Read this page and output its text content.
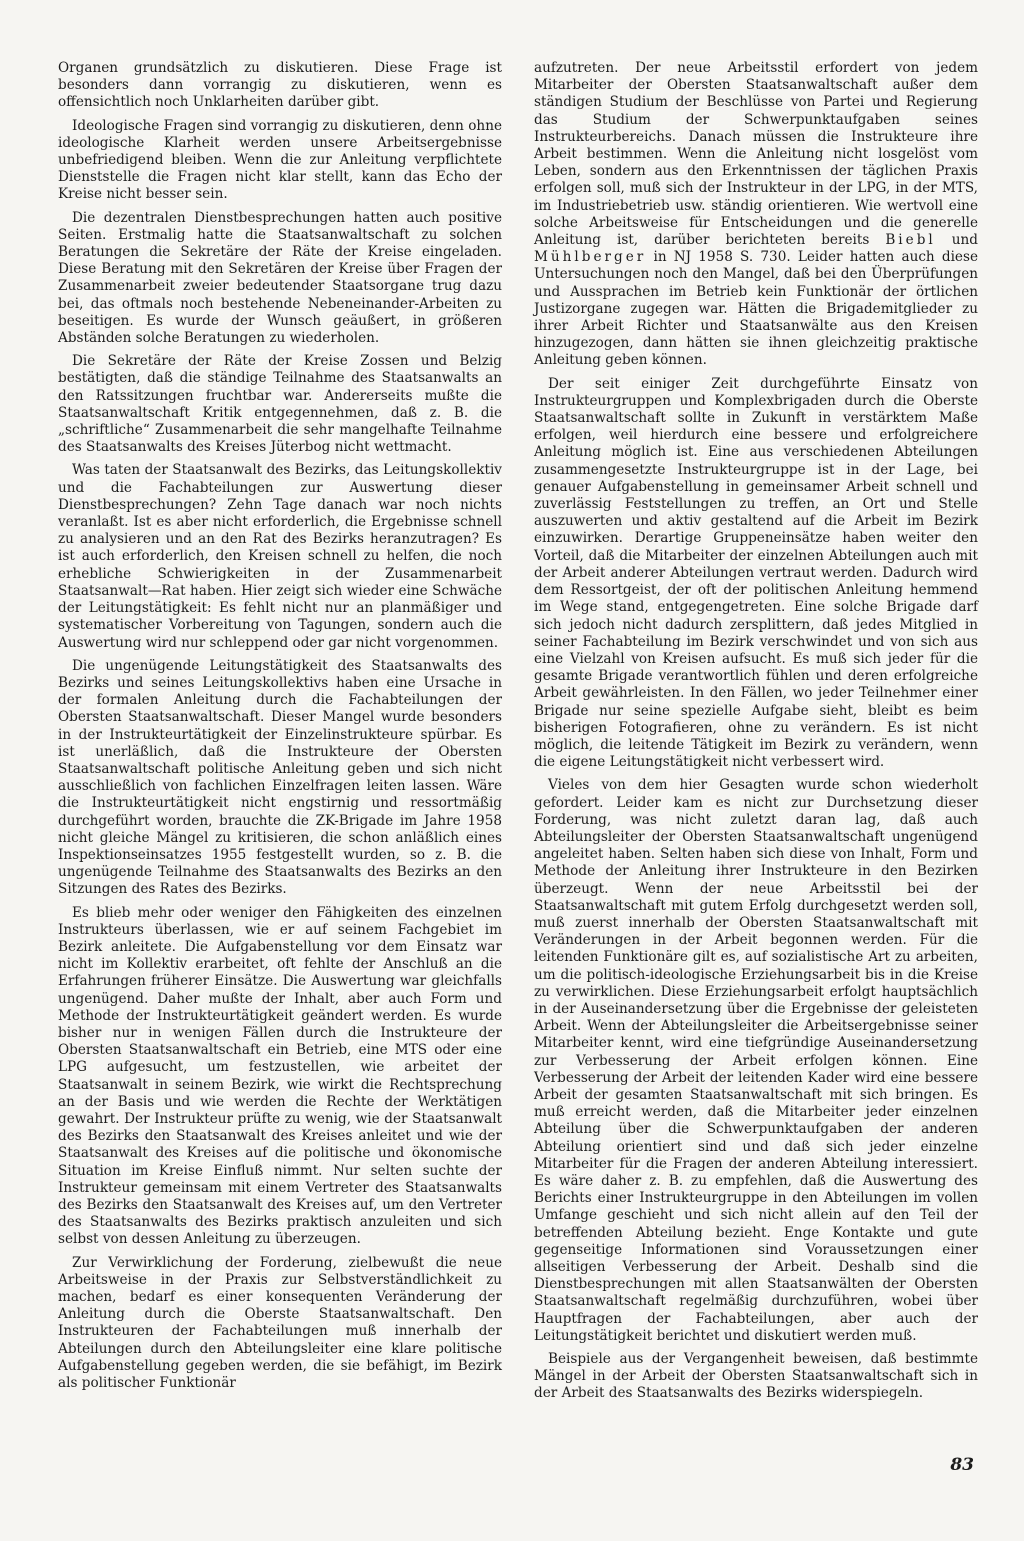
Organen grundsätzlich zu diskutieren. Diese Frage ist besonders dann vorrangig zu diskutieren, wenn es offensichtlich noch Unklarheiten darüber gibt.

Ideologische Fragen sind vorrangig zu diskutieren, denn ohne ideologische Klarheit werden unsere Arbeitsergebnisse unbefriedigend bleiben. Wenn die zur Anleitung verpflichtete Dienststelle die Fragen nicht klar stellt, kann das Echo der Kreise nicht besser sein.

Die dezentralen Dienstbesprechungen hatten auch positive Seiten. Erstmalig hatte die Staatsanwaltschaft zu solchen Beratungen die Sekretäre der Räte der Kreise eingeladen. Diese Beratung mit den Sekretären der Kreise über Fragen der Zusammenarbeit zweier bedeutender Staatsorgane trug dazu bei, das oftmals noch bestehende Nebeneinander-Arbeiten zu beseitigen. Es wurde der Wunsch geäußert, in größeren Abständen solche Beratungen zu wiederholen.

Die Sekretäre der Räte der Kreise Zossen und Belzig bestätigten, daß die ständige Teilnahme des Staatsanwalts an den Ratssitzungen fruchtbar war. Andererseits mußte die Staatsanwaltschaft Kritik entgegennehmen, daß z. B. die „schriftliche“ Zusammenarbeit die sehr mangelhafte Teilnahme des Staatsanwalts des Kreises Jüterbog nicht wettmacht.

Was taten der Staatsanwalt des Bezirks, das Leitungskollektiv und die Fachabteilungen zur Auswertung dieser Dienstbesprechungen? Zehn Tage danach war noch nichts veranlaßt. Ist es aber nicht erforderlich, die Ergebnisse schnell zu analysieren und an den Rat des Bezirks heranzutragen? Es ist auch erforderlich, den Kreisen schnell zu helfen, die noch erhebliche Schwierigkeiten in der Zusammenarbeit Staatsanwalt—Rat haben. Hier zeigt sich wieder eine Schwäche der Leitungstätigkeit: Es fehlt nicht nur an planmäßiger und systematischer Vorbereitung von Tagungen, sondern auch die Auswertung wird nur schleppend oder gar nicht vorgenommen.

Die ungenügende Leitungstätigkeit des Staatsanwalts des Bezirks und seines Leitungskollektivs haben eine Ursache in der formalen Anleitung durch die Fachabteilungen der Obersten Staatsanwaltschaft. Dieser Mangel wurde besonders in der Instrukteurtätigkeit der Einzelinstrukteure spürbar. Es ist unerläßlich, daß die Instrukteure der Obersten Staatsanwaltschaft politische Anleitung geben und sich nicht ausschließlich von fachlichen Einzelfragen leiten lassen. Wäre die Instrukteurtätigkeit nicht engstirnig und ressortmäßig durchgeführt worden, brauchte die ZK-Brigade im Jahre 1958 nicht gleiche Mängel zu kritisieren, die schon anläßlich eines Inspektionseinsatzes 1955 festgestellt wurden, so z. B. die ungenügende Teilnahme des Staatsanwalts des Bezirks an den Sitzungen des Rates des Bezirks.

Es blieb mehr oder weniger den Fähigkeiten des einzelnen Instrukteurs überlassen, wie er auf seinem Fachgebiet im Bezirk anleitete. Die Aufgabenstellung vor dem Einsatz war nicht im Kollektiv erarbeitet, oft fehlte der Anschluß an die Erfahrungen früherer Einsätze. Die Auswertung war gleichfalls ungenügend. Daher mußte der Inhalt, aber auch Form und Methode der Instrukteurtätigkeit geändert werden. Es wurde bisher nur in wenigen Fällen durch die Instrukteure der Obersten Staatsanwaltschaft ein Betrieb, eine MTS oder eine LPG aufgesucht, um festzustellen, wie arbeitet der Staatsanwalt in seinem Bezirk, wie wirkt die Rechtsprechung an der Basis und wie werden die Rechte der Werktätigen gewahrt. Der Instrukteur prüfte zu wenig, wie der Staatsanwalt des Bezirks den Staatsanwalt des Kreises anleitet und wie der Staatsanwalt des Kreises auf die politische und ökonomische Situation im Kreise Einfluß nimmt. Nur selten suchte der Instrukteur gemeinsam mit einem Vertreter des Staatsanwalts des Bezirks den Staatsanwalt des Kreises auf, um den Vertreter des Staatsanwalts des Bezirks praktisch anzuleiten und sich selbst von dessen Anleitung zu überzeugen.

Zur Verwirklichung der Forderung, zielbewußt die neue Arbeitsweise in der Praxis zur Selbstverständlichkeit zu machen, bedarf es einer konsequenten Veränderung der Anleitung durch die Oberste Staatsanwaltschaft. Den Instrukteuren der Fachabteilungen muß innerhalb der Abteilungen durch den Abteilungsleiter eine klare politische Aufgabenstellung gegeben werden, die sie befähigt, im Bezirk als politischer Funktionär

aufzutreten. Der neue Arbeitsstil erfordert von jedem Mitarbeiter der Obersten Staatsanwaltschaft außer dem ständigen Studium der Beschlüsse von Partei und Regierung das Studium der Schwerpunktaufgaben seines Instrukteurbereichs. Danach müssen die Instrukteure ihre Arbeit bestimmen. Wenn die Anleitung nicht losgelöst vom Leben, sondern aus den Erkenntnissen der täglichen Praxis erfolgen soll, muß sich der Instrukteur in der LPG, in der MTS, im Industriebetrieb usw. ständig orientieren. Wie wertvoll eine solche Arbeitsweise für Entscheidungen und die generelle Anleitung ist, darüber berichteten bereits Biebl und Mühlberger in NJ 1958 S. 730. Leider hatten auch diese Untersuchungen noch den Mangel, daß bei den Überprüfungen und Aussprachen im Betrieb kein Funktionär der örtlichen Justizorgane zugegen war. Hätten die Brigademitglieder zu ihrer Arbeit Richter und Staatsanwälte aus den Kreisen hinzugezogen, dann hätten sie ihnen gleichzeitig praktische Anleitung geben können.

Der seit einiger Zeit durchgeführte Einsatz von Instrukteurgruppen und Komplexbrigaden durch die Oberste Staatsanwaltschaft sollte in Zukunft in verstärktem Maße erfolgen, weil hierdurch eine bessere und erfolgreichere Anleitung möglich ist. Eine aus verschiedenen Abteilungen zusammengesetzte Instrukteurgruppe ist in der Lage, bei genauer Aufgabenstellung in gemeinsamer Arbeit schnell und zuverlässig Feststellungen zu treffen, an Ort und Stelle auszuwerten und aktiv gestaltend auf die Arbeit im Bezirk einzuwirken. Derartige Gruppeneinsätze haben weiter den Vorteil, daß die Mitarbeiter der einzelnen Abteilungen auch mit der Arbeit anderer Abteilungen vertraut werden. Dadurch wird dem Ressortgeist, der oft der politischen Anleitung hemmend im Wege stand, entgegengetreten. Eine solche Brigade darf sich jedoch nicht dadurch zersplittern, daß jedes Mitglied in seiner Fachabteilung im Bezirk verschwindet und von sich aus eine Vielzahl von Kreisen aufsucht. Es muß sich jeder für die gesamte Brigade verantwortlich fühlen und deren erfolgreiche Arbeit gewährleisten. In den Fällen, wo jeder Teilnehmer einer Brigade nur seine spezielle Aufgabe sieht, bleibt es beim bisherigen Fotografieren, ohne zu verändern. Es ist nicht möglich, die leitende Tätigkeit im Bezirk zu verändern, wenn die eigene Leitungstätigkeit nicht verbessert wird.

Vieles von dem hier Gesagten wurde schon wiederholt gefordert. Leider kam es nicht zur Durchsetzung dieser Forderung, was nicht zuletzt daran lag, daß auch Abteilungsleiter der Obersten Staatsanwaltschaft ungenügend angeleitet haben. Selten haben sich diese von Inhalt, Form und Methode der Anleitung ihrer Instrukteure in den Bezirken überzeugt. Wenn der neue Arbeitsstil bei der Staatsanwaltschaft mit gutem Erfolg durchgesetzt werden soll, muß zuerst innerhalb der Obersten Staatsanwaltschaft mit Veränderungen in der Arbeit begonnen werden. Für die leitenden Funktionäre gilt es, auf sozialistische Art zu arbeiten, um die politisch-ideologische Erziehungsarbeit bis in die Kreise zu verwirklichen. Diese Erziehungsarbeit erfolgt hauptsächlich in der Auseinandersetzung über die Ergebnisse der geleisteten Arbeit. Wenn der Abteilungsleiter die Arbeitsergebnisse seiner Mitarbeiter kennt, wird eine tiefgründige Auseinandersetzung zur Verbesserung der Arbeit erfolgen können. Eine Verbesserung der Arbeit der leitenden Kader wird eine bessere Arbeit der gesamten Staatsanwaltschaft mit sich bringen. Es muß erreicht werden, daß die Mitarbeiter jeder einzelnen Abteilung über die Schwerpunktaufgaben der anderen Abteilung orientiert sind und daß sich jeder einzelne Mitarbeiter für die Fragen der anderen Abteilung interessiert. Es wäre daher z. B. zu empfehlen, daß die Auswertung des Berichts einer Instrukteurgruppe in den Abteilungen im vollen Umfange geschieht und sich nicht allein auf den Teil der betreffenden Abteilung bezieht. Enge Kontakte und gute gegenseitige Informationen sind Voraussetzungen einer allseitigen Verbesserung der Arbeit. Deshalb sind die Dienstbesprechungen mit allen Staatsanwälten der Obersten Staatsanwaltschaft regelmäßig durchzuführen, wobei über Hauptfragen der Fachabteilungen, aber auch der Leitungstätigkeit berichtet und diskutiert werden muß.

Beispiele aus der Vergangenheit beweisen, daß bestimmte Mängel in der Arbeit der Obersten Staatsanwaltschaft sich in der Arbeit des Staatsanwalts des Bezirks widerspiegeln.

83
